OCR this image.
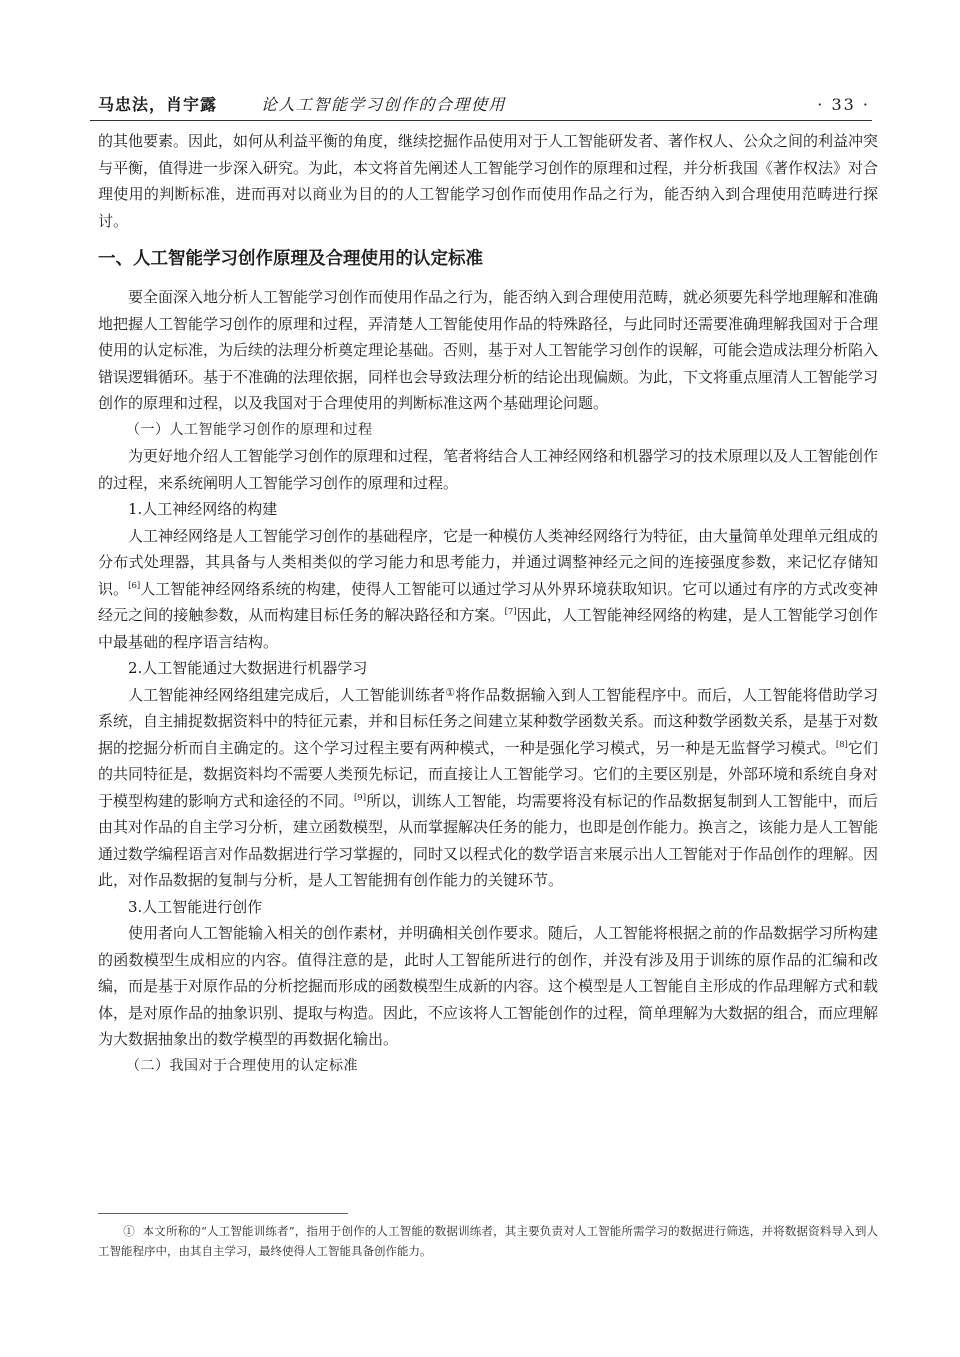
马忠法，肖宇露	论人工智能学习创作的合理使用	· 33 ·

的其他要素。因此，如何从利益平衡的角度，继续挖掘作品使用对于人工智能研发者、著作权人、公众之间的利益冲突与平衡，值得进一步深入研究。为此，本文将首先阐述人工智能学习创作的原理和过程，并分析我国《著作权法》对合理使用的判断标准，进而再对以商业为目的的人工智能学习创作而使用作品之行为，能否纳入到合理使用范畴进行探讨。

一、人工智能学习创作原理及合理使用的认定标准

要全面深入地分析人工智能学习创作而使用作品之行为，能否纳入到合理使用范畴，就必须要先科学地理解和准确地把握人工智能学习创作的原理和过程，弄清楚人工智能使用作品的特殊路径，与此同时还需要准确理解我国对于合理使用的认定标准，为后续的法理分析奠定理论基础。否则，基于对人工智能学习创作的误解，可能会造成法理分析陷入错误逻辑循环。基于不准确的法理依据，同样也会导致法理分析的结论出现偏颇。为此，下文将重点厘清人工智能学习创作的原理和过程，以及我国对于合理使用的判断标准这两个基础理论问题。

（一）人工智能学习创作的原理和过程

为更好地介绍人工智能学习创作的原理和过程，笔者将结合人工神经网络和机器学习的技术原理以及人工智能创作的过程，来系统阐明人工智能学习创作的原理和过程。

1.人工神经网络的构建

人工神经网络是人工智能学习创作的基础程序，它是一种模仿人类神经网络行为特征，由大量简单处理单元组成的分布式处理器，其具备与人类相类似的学习能力和思考能力，并通过调整神经元之间的连接强度参数，来记忆存储知识。[6]人工智能神经网络系统的构建，使得人工智能可以通过学习从外界环境获取知识。它可以通过有序的方式改变神经元之间的接触参数，从而构建目标任务的解决路径和方案。[7]因此，人工智能神经网络的构建，是人工智能学习创作中最基础的程序语言结构。

2.人工智能通过大数据进行机器学习

人工智能神经网络组建完成后，人工智能训练者①将作品数据输入到人工智能程序中。而后，人工智能将借助学习系统，自主捕捉数据资料中的特征元素，并和目标任务之间建立某种数学函数关系。而这种数学函数关系，是基于对数据的挖掘分析而自主确定的。这个学习过程主要有两种模式，一种是强化学习模式，另一种是无监督学习模式。[8]它们的共同特征是，数据资料均不需要人类预先标记，而直接让人工智能学习。它们的主要区别是，外部环境和系统自身对于模型构建的影响方式和途径的不同。[9]所以，训练人工智能，均需要将没有标记的作品数据复制到人工智能中，而后由其对作品的自主学习分析，建立函数模型，从而掌握解决任务的能力，也即是创作能力。换言之，该能力是人工智能通过数学编程语言对作品数据进行学习掌握的，同时又以程式化的数学语言来展示出人工智能对于作品创作的理解。因此，对作品数据的复制与分析，是人工智能拥有创作能力的关键环节。

3.人工智能进行创作

使用者向人工智能输入相关的创作素材，并明确相关创作要求。随后，人工智能将根据之前的作品数据学习所构建的函数模型生成相应的内容。值得注意的是，此时人工智能所进行的创作，并没有涉及用于训练的原作品的汇编和改编，而是基于对原作品的分析挖掘而形成的函数模型生成新的内容。这个模型是人工智能自主形成的作品理解方式和载体，是对原作品的抽象识别、提取与构造。因此，不应该将人工智能创作的过程，简单理解为大数据的组合，而应理解为大数据抽象出的数学模型的再数据化输出。

（二）我国对于合理使用的认定标准
① 本文所称的“人工智能训练者”，指用于创作的人工智能的数据训练者，其主要负责对人工智能所需学习的数据进行筛选，并将数据资料导入到人工智能程序中，由其自主学习，最终使得人工智能具备创作能力。
